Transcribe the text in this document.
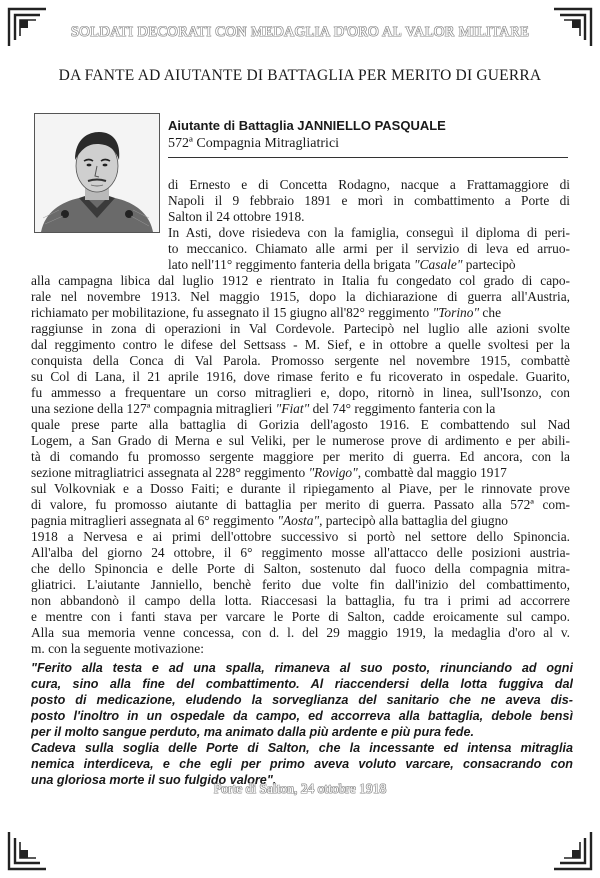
SOLDATI DECORATI CON MEDAGLIA D'ORO AL VALOR MILITARE
DA FANTE AD AIUTANTE DI BATTAGLIA PER MERITO DI GUERRA
Aiutante di Battaglia JANNIELLO PASQUALE
572ª Compagnia Mitragliatrici
di Ernesto e di Concetta Rodagno, nacque a Frattamaggiore di
Napoli il 9 febbraio 1891 e morì in combattimento a Porte di
Salton il 24 ottobre 1918.
In Asti, dove risiedeva con la famiglia, conseguì il diploma di peri-
to meccanico. Chiamato alle armi per il servizio di leva ed arruo-
lato nell'11° reggimento fanteria della brigata "Casale" partecipò
alla campagna libica dal luglio 1912 e rientrato in Italia fu congedato col grado di capo-
rale nel novembre 1913. Nel maggio 1915, dopo la dichiarazione di guerra all'Austria,
richiamato per mobilitazione, fu assegnato il 15 giugno all'82° reggimento "Torino" che
raggiunse in zona di operazioni in Val Cordevole. Partecipò nel luglio alle azioni svolte
dal reggimento contro le difese del Settsass - M. Sief, e in ottobre a quelle svoltesi per la
conquista della Conca di Val Parola. Promosso sergente nel novembre 1915, combattè
su Col di Lana, il 21 aprile 1916, dove rimase ferito e fu ricoverato in ospedale. Guarito,
fu ammesso a frequentare un corso mitraglieri e, dopo, ritornò in linea, sull'Isonzo, con
una sezione della 127ª compagnia mitraglieri "Fiat" del 74° reggimento fanteria con la
quale prese parte alla battaglia di Gorizia dell'agosto 1916. E combattendo sul Nad
Logem, a San Grado di Merna e sul Veliki, per le numerose prove di ardimento e per abili-
tà di comando fu promosso sergente maggiore per merito di guerra. Ed ancora, con la
sezione mitragliatrici assegnata al 228° reggimento "Rovigo", combattè dal maggio 1917
sul Volkovniak e a Dosso Faiti; e durante il ripiegamento al Piave, per le rinnovate prove
di valore, fu promosso aiutante di battaglia per merito di guerra. Passato alla 572ª com-
pagnia mitraglieri assegnata al 6° reggimento "Aosta", partecipò alla battaglia del giugno
1918 a Nervesa e ai primi dell'ottobre successivo si portò nel settore dello Spinoncia.
All'alba del giorno 24 ottobre, il 6° reggimento mosse all'attacco delle posizioni austria-
che dello Spinoncia e delle Porte di Salton, sostenuto dal fuoco della compagnia mitra-
gliatrici. L'aiutante Janniello, benchè ferito due volte fin dall'inizio del combattimento,
non abbandonò il campo della lotta. Riaccesasi la battaglia, fu tra i primi ad accorrere
e mentre con i fanti stava per varcare le Porte di Salton, cadde eroicamente sul campo.
Alla sua memoria venne concessa, con d. l. del 29 maggio 1919, la medaglia d'oro al v.
m. con la seguente motivazione:
"Ferito alla testa e ad una spalla, rimaneva al suo posto, rinunciando ad ogni
cura, sino alla fine del combattimento. Al riaccendersi della lotta fuggiva dal
posto di medicazione, eludendo la sorveglianza del sanitario che ne aveva dis-
posto l'inoltro in un ospedale da campo, ed accorreva alla battaglia, debole bensì
per il molto sangue perduto, ma animato dalla più ardente e più pura fede.
Cadeva sulla soglia delle Porte di Salton, che la incessante ed intensa mitraglia
nemica interdiceva, e che egli per primo aveva voluto varcare, consacrando con
una gloriosa morte il suo fulgido valore".
Porte di Salton, 24 ottobre 1918
